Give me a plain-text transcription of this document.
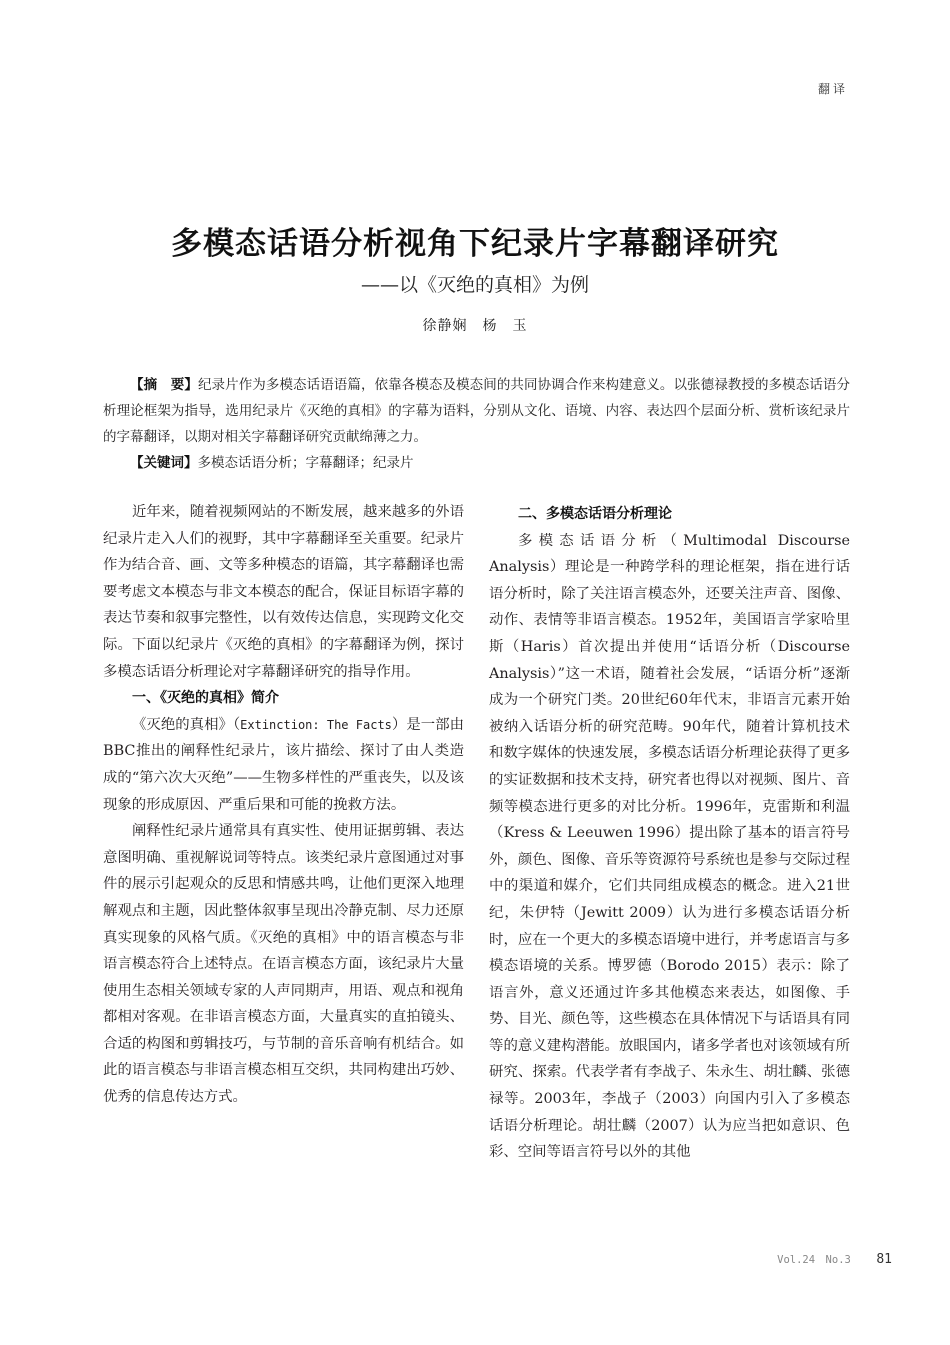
翻译
多模态话语分析视角下纪录片字幕翻译研究
——以《灭绝的真相》为例
徐静娴　杨　玉

【摘　要】纪录片作为多模态话语语篇，依靠各模态及模态间的共同协调合作来构建意义。以张德禄教授的多模态话语分析理论框架为指导，选用纪录片《灭绝的真相》的字幕为语料，分别从文化、语境、内容、表达四个层面分析、赏析该纪录片的字幕翻译，以期对相关字幕翻译研究贡献绵薄之力。

【关键词】多模态话语分析；字幕翻译；纪录片

近年来，随着视频网站的不断发展，越来越多的外语纪录片走入人们的视野，其中字幕翻译至关重要。纪录片作为结合音、画、文等多种模态的语篇，其字幕翻译也需要考虑文本模态与非文本模态的配合，保证目标语字幕的表达节奏和叙事完整性，以有效传达信息，实现跨文化交际。下面以纪录片《灭绝的真相》的字幕翻译为例，探讨多模态话语分析理论对字幕翻译研究的指导作用。

一、《灭绝的真相》简介

《灭绝的真相》（Extinction: The Facts）是一部由BBC推出的阐释性纪录片，该片描绘、探讨了由人类造成的“第六次大灭绝”——生物多样性的严重丧失，以及该现象的形成原因、严重后果和可能的挽救方法。

阐释性纪录片通常具有真实性、使用证据剪辑、表达意图明确、重视解说词等特点。该类纪录片意图通过对事件的展示引起观众的反思和情感共鸣，让他们更深入地理解观点和主题，因此整体叙事呈现出冷静克制、尽力还原真实现象的风格气质。《灭绝的真相》中的语言模态与非语言模态符合上述特点。在语言模态方面，该纪录片大量使用生态相关领域专家的人声同期声，用语、观点和视角都相对客观。在非语言模态方面，大量真实的直拍镜头、合适的构图和剪辑技巧，与节制的音乐音响有机结合。如此的语言模态与非语言模态相互交织，共同构建出巧妙、优秀的信息传达方式。

二、多模态话语分析理论

多模态话语分析（Multimodal Discourse Analysis）理论是一种跨学科的理论框架，指在进行话语分析时，除了关注语言模态外，还要关注声音、图像、动作、表情等非语言模态。1952年，美国语言学家哈里斯（Haris）首次提出并使用“话语分析（Discourse Analysis）”这一术语，随着社会发展，“话语分析”逐渐成为一个研究门类。20世纪60年代末，非语言元素开始被纳入话语分析的研究范畴。90年代，随着计算机技术和数字媒体的快速发展，多模态话语分析理论获得了更多的实证数据和技术支持，研究者也得以对视频、图片、音频等模态进行更多的对比分析。1996年，克雷斯和利温（Kress & Leeuwen 1996）提出除了基本的语言符号外，颜色、图像、音乐等资源符号系统也是参与交际过程中的渠道和媒介，它们共同组成模态的概念。进入21世纪，朱伊特（Jewitt 2009）认为进行多模态话语分析时，应在一个更大的多模态语境中进行，并考虑语言与多模态语境的关系。博罗德（Borodo 2015）表示：除了语言外，意义还通过许多其他模态来表达，如图像、手势、目光、颜色等，这些模态在具体情况下与话语具有同等的意义建构潜能。放眼国内，诸多学者也对该领域有所研究、探索。代表学者有李战子、朱永生、胡壮麟、张德禄等。2003年，李战子（2003）向国内引入了多模态话语分析理论。胡壮麟（2007）认为应当把如意识、色彩、空间等语言符号以外的其他

Vol.24　No.3 81
